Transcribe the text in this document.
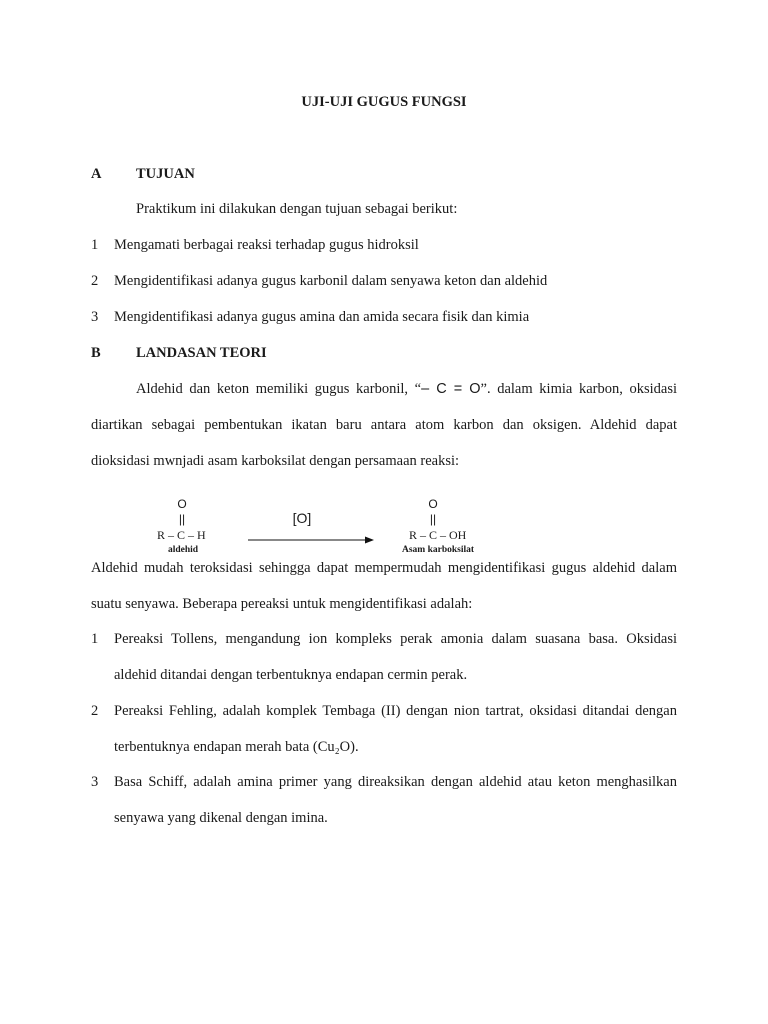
UJI-UJI GUGUS FUNGSI
A TUJUAN
Praktikum ini dilakukan dengan tujuan sebagai berikut:
1 Mengamati berbagai reaksi terhadap gugus hidroksil
2 Mengidentifikasi adanya gugus karbonil dalam senyawa keton dan aldehid
3 Mengidentifikasi adanya gugus amina dan amida secara fisik dan kimia
B LANDASAN TEORI
Aldehid dan keton memiliki gugus karbonil, “– C = O”. dalam kimia karbon, oksidasi
diartikan sebagai pembentukan ikatan baru antara atom karbon dan oksigen. Aldehid dapat
dioksidasi mwnjadi asam karboksilat dengan persamaan reaksi:
O
||
R – C – H
aldehid
[O]
O
||
R – C – OH
Asam karboksilat
Aldehid mudah teroksidasi sehingga dapat mempermudah mengidentifikasi gugus aldehid dalam
suatu senyawa. Beberapa pereaksi untuk mengidentifikasi adalah:
1 Pereaksi Tollens, mengandung ion kompleks perak amonia dalam suasana basa. Oksidasi
aldehid ditandai dengan terbentuknya endapan cermin perak.
2 Pereaksi Fehling, adalah komplek Tembaga (II) dengan nion tartrat, oksidasi ditandai dengan
terbentuknya endapan merah bata (Cu₂O).
3 Basa Schiff, adalah amina primer yang direaksikan dengan aldehid atau keton menghasilkan
senyawa yang dikenal dengan imina.
